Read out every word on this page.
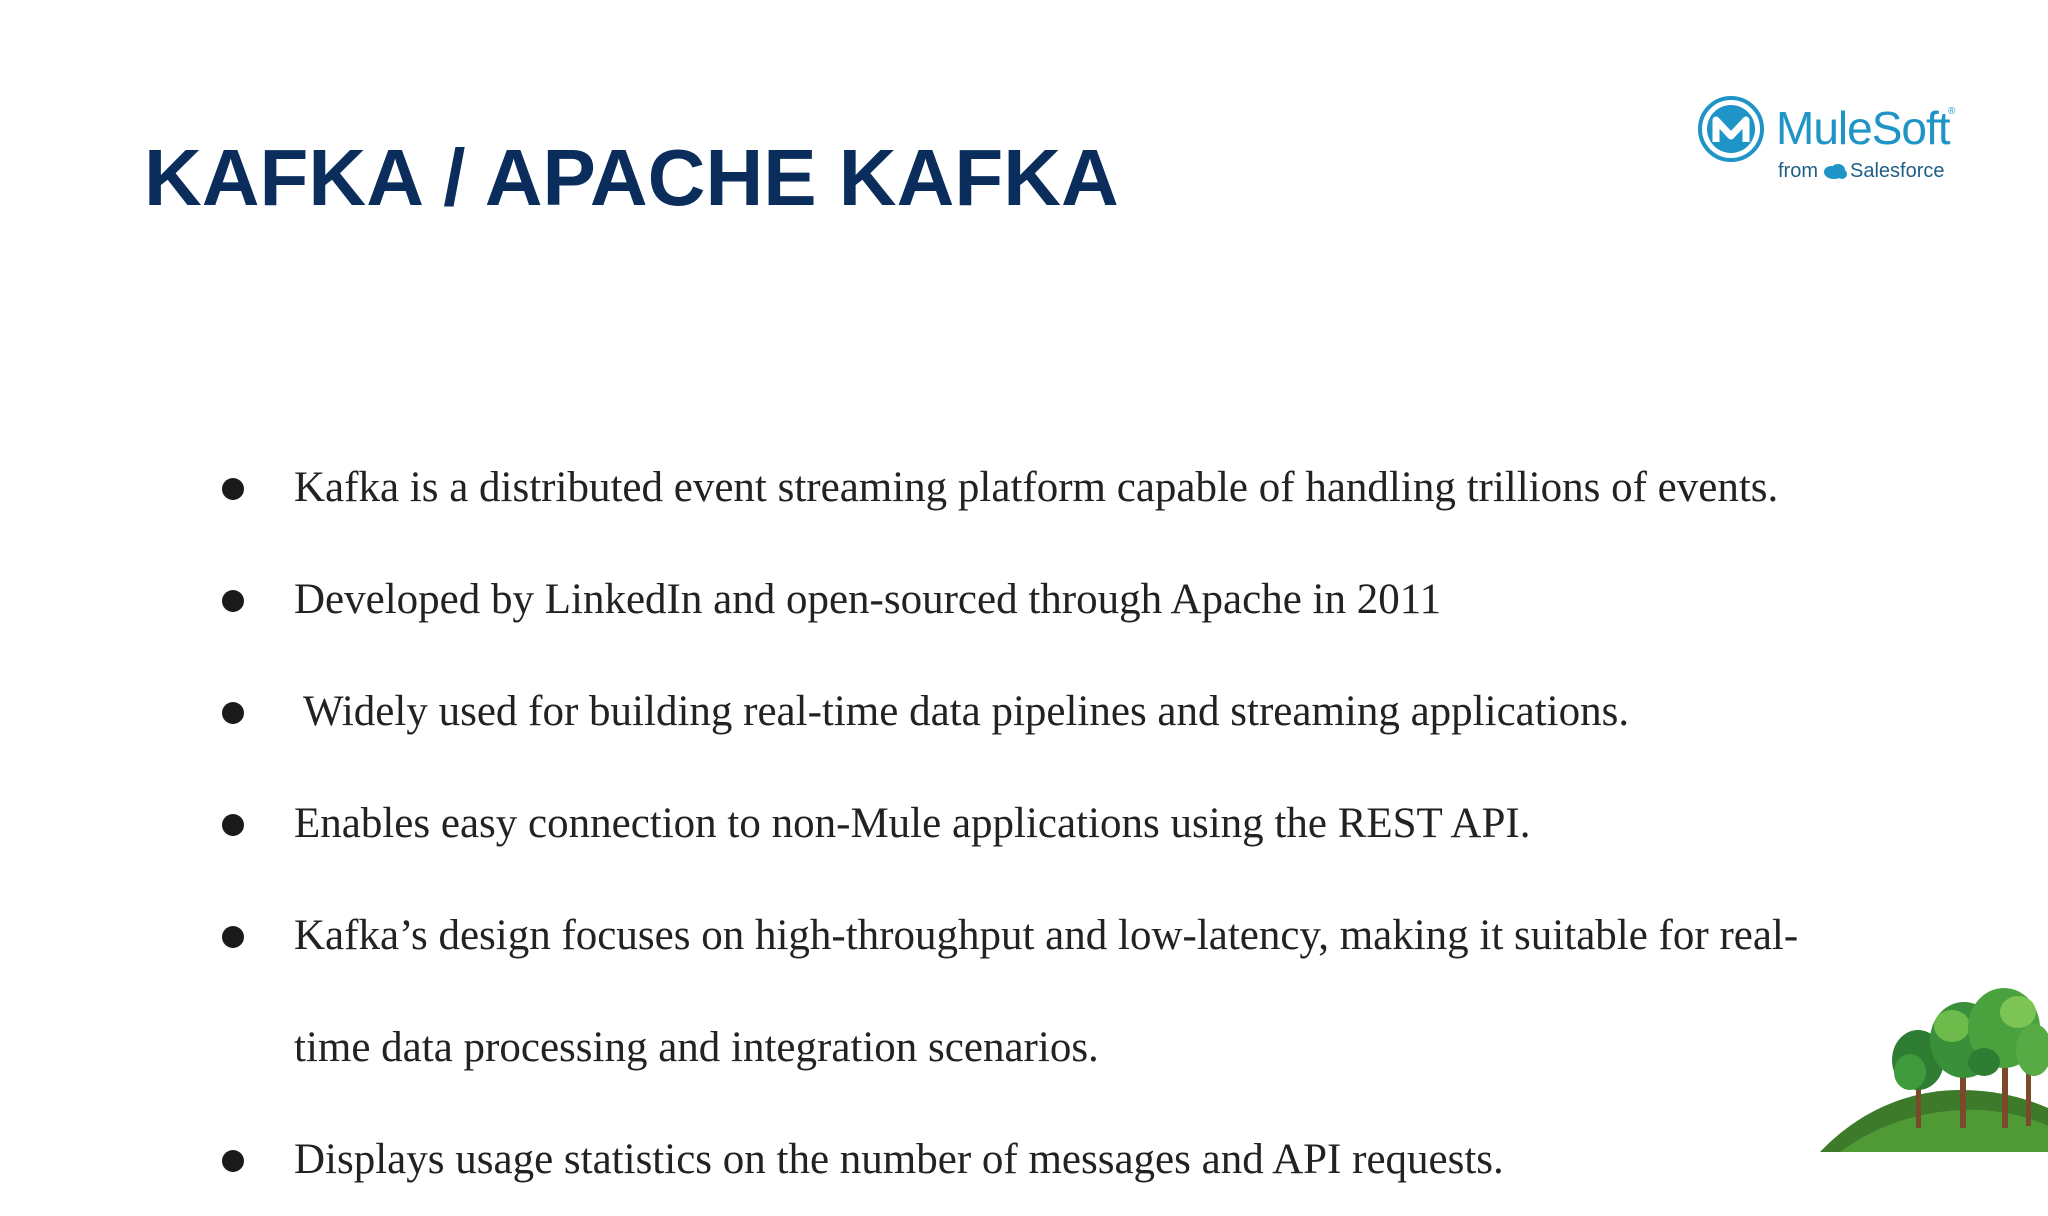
KAFKA / APACHE KAFKA
MuleSoft
®
from Salesforce
Kafka is a distributed event streaming platform capable of handling trillions of events.
Developed by LinkedIn and open-sourced through Apache in 2011
Widely used for building real-time data pipelines and streaming applications.
Enables easy connection to non-Mule applications using the REST API.
Kafka’s design focuses on high-throughput and low-latency, making it suitable for real-
time data processing and integration scenarios.
Displays usage statistics on the number of messages and API requests.
